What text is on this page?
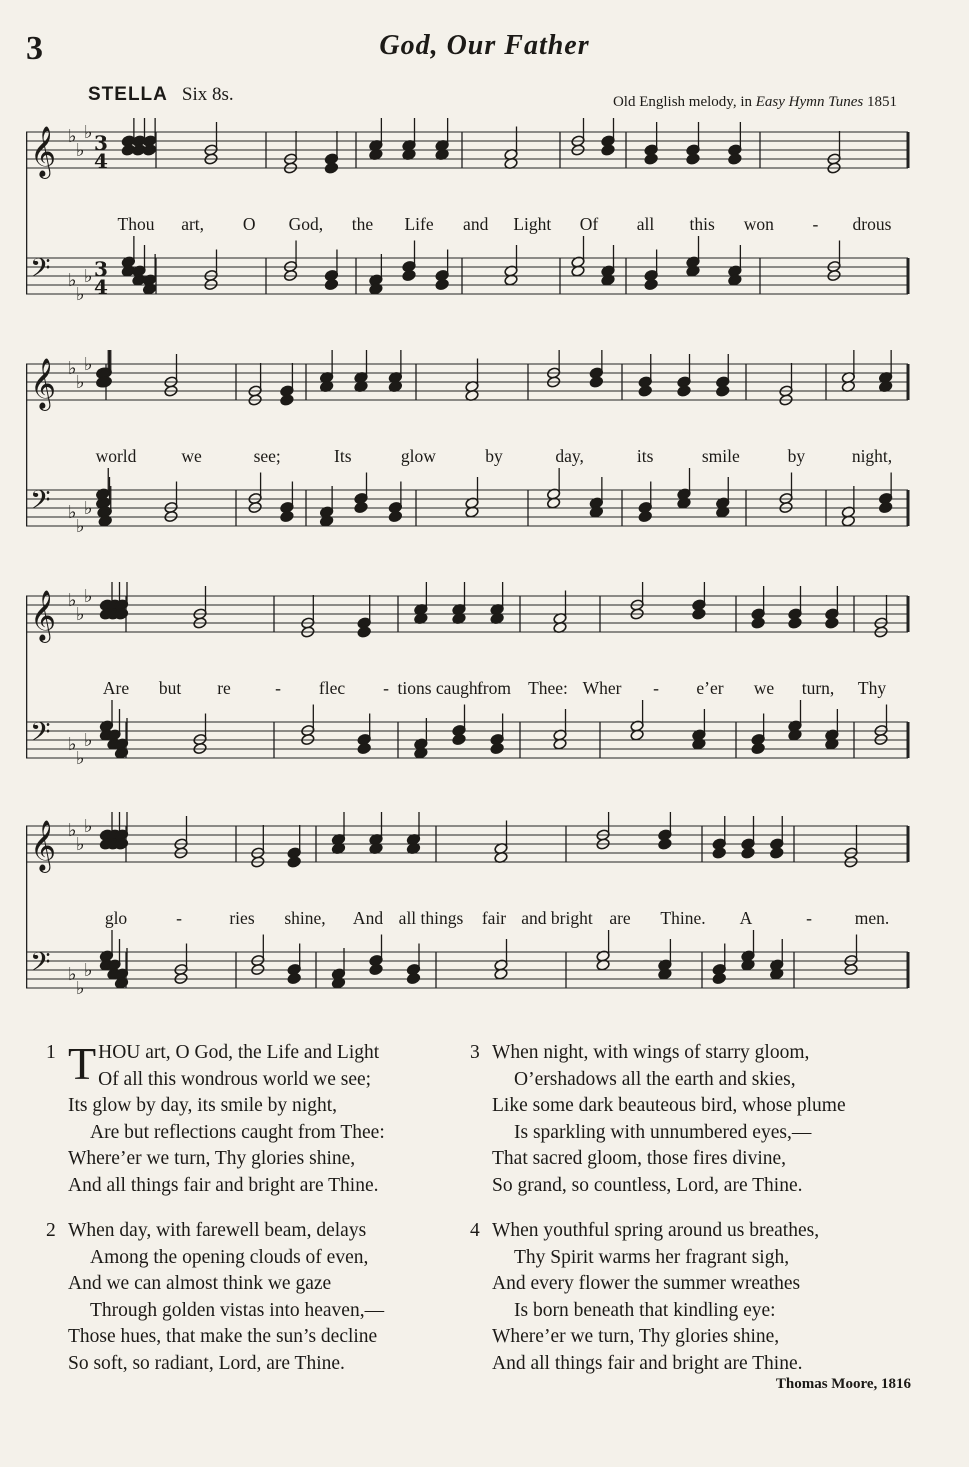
3	God, Our Father
STELLA Six 8s.	Old English melody, in Easy Hymn Tunes 1851
𝄞
𝄢
♭
♭
♭
♭
♭
♭
3
4
3
4
Thou art, O God, the Life and Light Of all this won - drous
𝄞
𝄢
♭
♭
♭
♭
♭
♭
world	we	see;	Its	glow	by	day,	its	smile	by	night,
𝄞
𝄢
♭
♭
♭
♭
♭
♭
Are but re	- flec - tions caught
from Thee: Wher - e’er we turn, Thy
𝄞
𝄢
♭
♭
♭
♭
♭
♭
glo	-	ries shine, And all things fair and bright are Thine. A	- men.
1 THOU art, O God, the Life and Light
Of all this wondrous world we see;
Its glow by day, its smile by night,
Are but reflections caught from Thee:
Where’er we turn, Thy glories shine,
And all things fair and bright are Thine.
2 When day, with farewell beam, delays
Among the opening clouds of even,
And we can almost think we gaze
Through golden vistas into heaven,—
Those hues, that make the sun’s decline
So soft, so radiant, Lord, are Thine.
3 When night, with wings of starry gloom,
O’ershadows all the earth and skies,
Like some dark beauteous bird, whose plume
Is sparkling with unnumbered eyes,—
That sacred gloom, those fires divine,
So grand, so countless, Lord, are Thine.
4 When youthful spring around us breathes,
Thy Spirit warms her fragrant sigh,
And every flower the summer wreathes
Is born beneath that kindling eye:
Where’er we turn, Thy glories shine,
And all things fair and bright are Thine.
Thomas Moore, 1816
